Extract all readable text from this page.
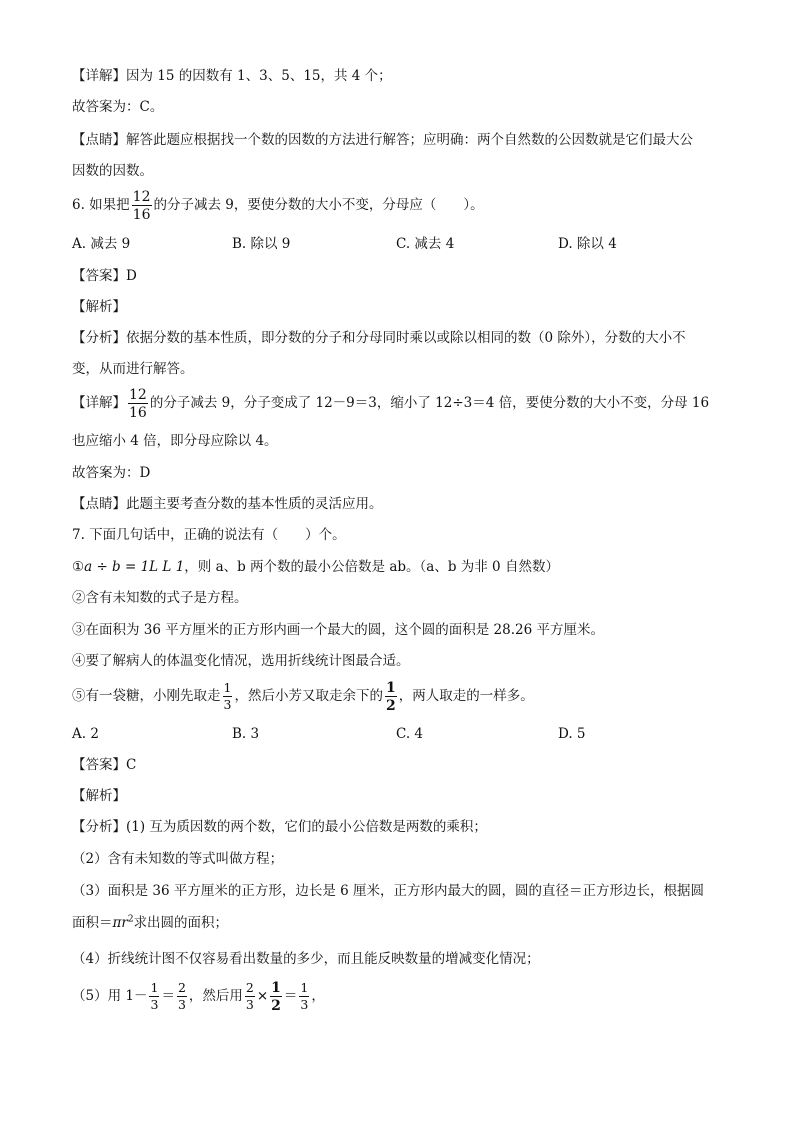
【详解】因为 15 的因数有 1、3、5、15，共 4 个；
故答案为：C。
【点睛】解答此题应根据找一个数的因数的方法进行解答；应明确：两个自然数的公因数就是它们最大公
因数的因数。
6. 如果把 $\frac{12}{16}$ 的分子减去 9，要使分数的大小不变，分母应（　　）。
A. 减去 9	B. 除以 9	C. 减去 4	D. 除以 4
【答案】D
【解析】
【分析】依据分数的基本性质，即分数的分子和分母同时乘以或除以相同的数（0 除外），分数的大小不
变，从而进行解答。
【详解】 $\frac{12}{16}$ 的分子减去 9，分子变成了 12－9＝3，缩小了 12÷3＝4 倍，要使分数的大小不变，分母 16
也应缩小 4 倍，即分母应除以 4。
故答案为：D
【点睛】此题主要考查分数的基本性质的灵活应用。
7. 下面几句话中，正确的说法有（　　）个。
①a ÷ b = 1L L 1，则 a、b 两个数的最小公倍数是 ab。（a、b 为非 0 自然数）
②含有未知数的式子是方程。
③在面积为 36 平方厘米的正方形内画一个最大的圆，这个圆的面积是 28.26 平方厘米。
④要了解病人的体温变化情况，选用折线统计图最合适。
⑤有一袋糖，小刚先取走 $\frac{1}{3}$ ，然后小芳又取走余下的 $\frac{1}{2}$ ，两人取走的一样多。
A. 2	B. 3	C. 4	D. 5
【答案】C
【解析】
【分析】(1) 互为质因数的两个数，它们的最小公倍数是两数的乘积；
（2）含有未知数的等式叫做方程；
（3）面积是 36 平方厘米的正方形，边长是 6 厘米，正方形内最大的圆，圆的直径＝正方形边长，根据圆
面积$=\pi r^2$求出圆的面积；
（4）折线统计图不仅容易看出数量的多少，而且能反映数量的增减变化情况；
（5）用 $1- \frac{1}{3} = \frac{2}{3}$ ，然后用 $\frac{2}{3} \times \frac{1}{2} = \frac{1}{3}$ ，
